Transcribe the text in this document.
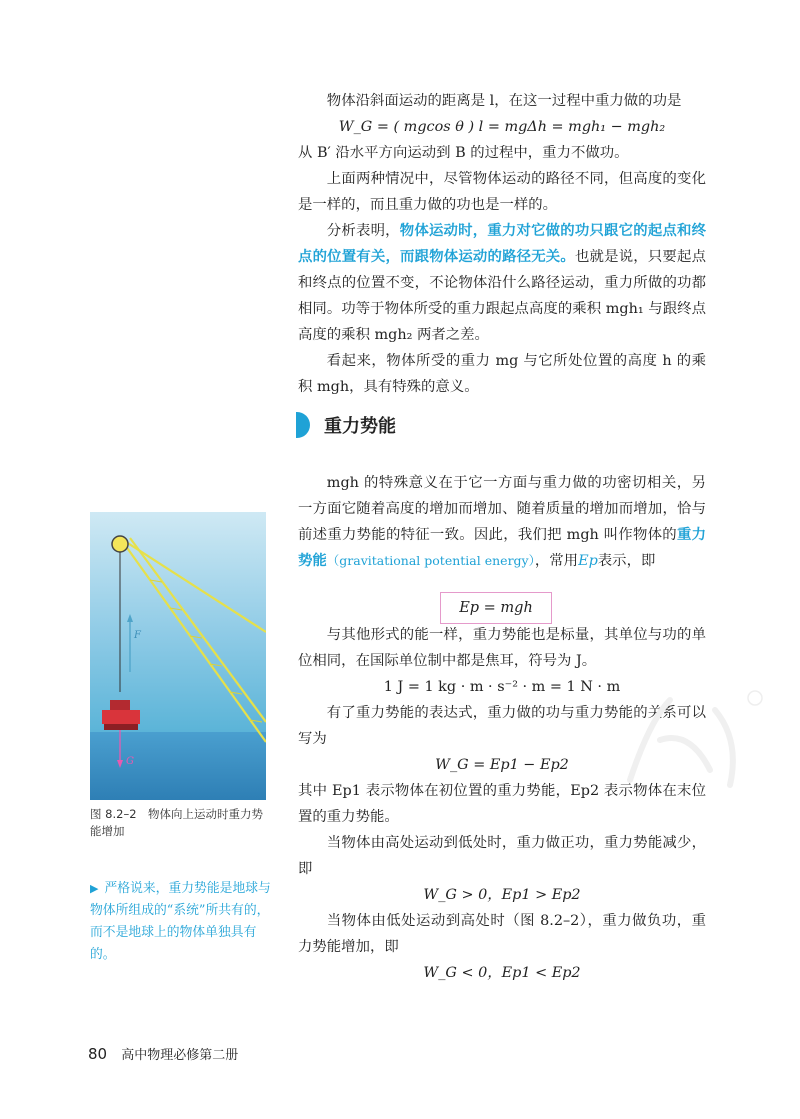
物体沿斜面运动的距离是 l，在这一过程中重力做的功是

W_G = ( mgcos θ ) l = mgΔh = mgh₁ − mgh₂

从 B′ 沿水平方向运动到 B 的过程中，重力不做功。

上面两种情况中，尽管物体运动的路径不同，但高度的变化是一样的，而且重力做的功也是一样的。

分析表明，物体运动时，重力对它做的功只跟它的起点和终点的位置有关，而跟物体运动的路径无关。也就是说，只要起点和终点的位置不变，不论物体沿什么路径运动，重力所做的功都相同。功等于物体所受的重力跟起点高度的乘积 mgh₁ 与跟终点高度的乘积 mgh₂ 两者之差。

看起来，物体所受的重力 mg 与它所处位置的高度 h 的乘积 mgh，具有特殊的意义。

mgh 的特殊意义在于它一方面与重力做的功密切相关，另一方面它随着高度的增加而增加、随着质量的增加而增加，恰与前述重力势能的特征一致。因此，我们把 mgh 叫作物体的重力势能（gravitational potential energy），常用Ep表示，即

与其他形式的能一样，重力势能也是标量，其单位与功的单位相同，在国际单位制中都是焦耳，符号为 J。

1 J = 1 kg · m · s⁻² · m = 1 N · m

有了重力势能的表达式，重力做的功与重力势能的关系可以写为

W_G = Ep1 − Ep2

其中 Ep1 表示物体在初位置的重力势能，Ep2 表示物体在末位置的重力势能。

当物体由高处运动到低处时，重力做正功，重力势能减少，即

W_G > 0，Ep1 > Ep2

当物体由低处运动到高处时（图 8.2–2），重力做负功，重力势能增加，即

W_G < 0，Ep1 < Ep2

重力势能
Ep = mgh
F
G
图 8.2–2　物体向上运动时重力势能增加
▶ 严格说来，重力势能是地球与物体所组成的“系统”所共有的，而不是地球上的物体单独具有的。
80 高中物理必修第二册
